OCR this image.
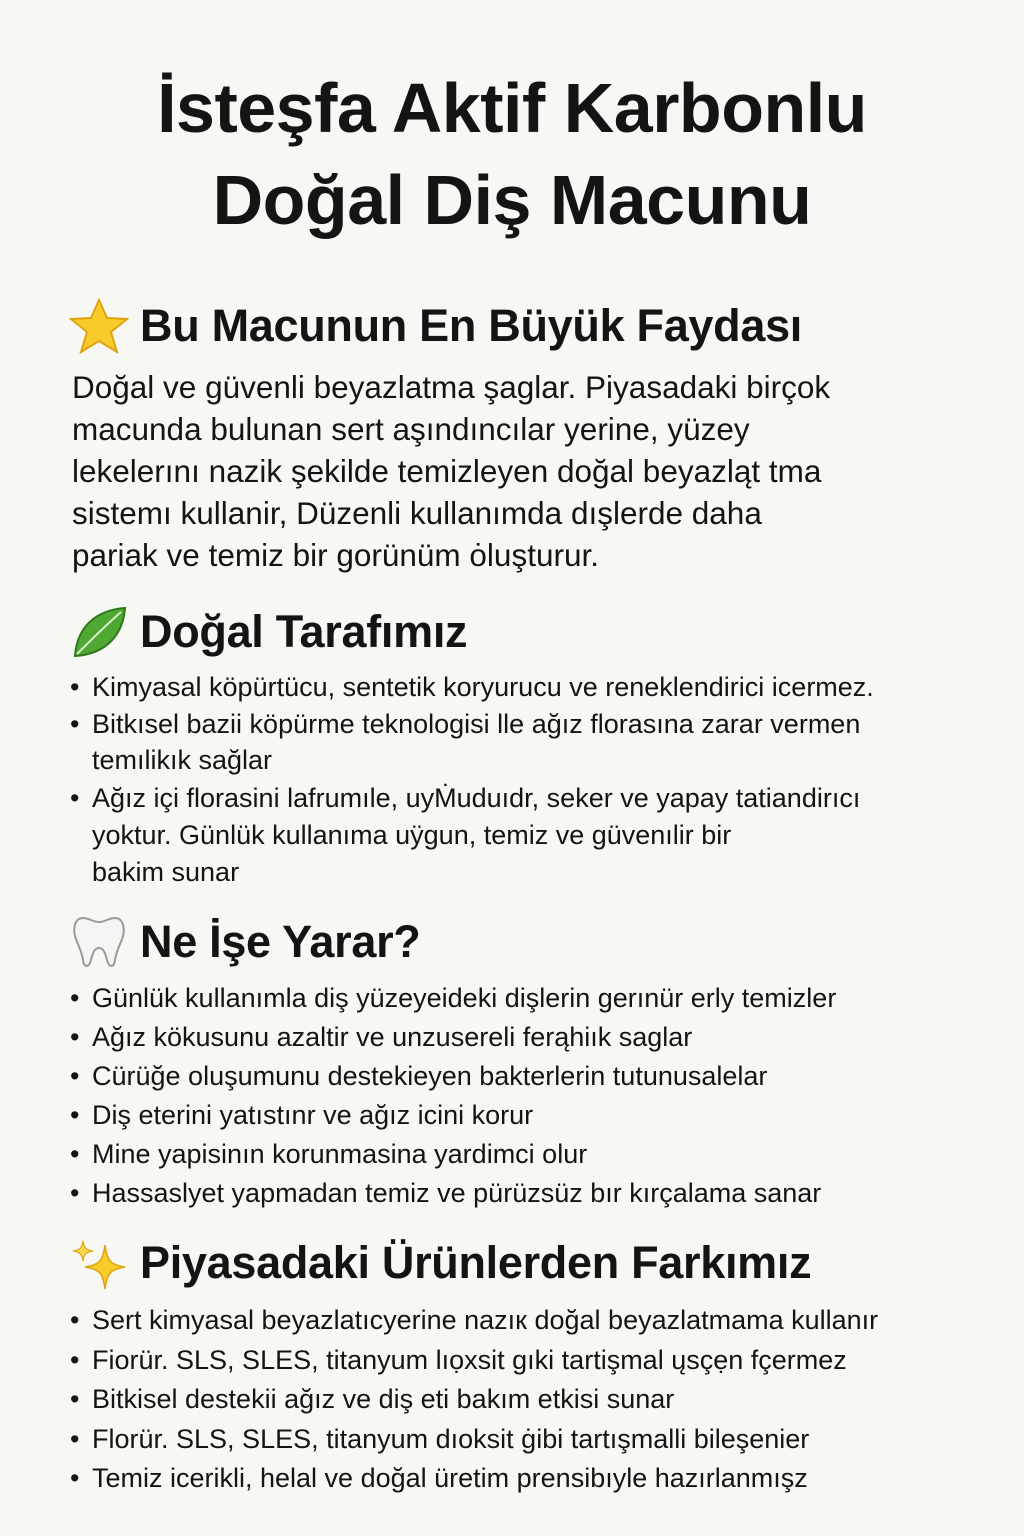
İsteşfa Aktif Karbonlu
Doğal Diş Macunu
Bu Macunun En Büyük Faydası
Doğal ve güvenli beyazlatma şaglar. Piyasadaki birçok
macunda bulunan sert aşındıncılar yerine, yüzey
lekelerını nazik şekilde temizleyen doğal beyazląt tma
sistemı kullanir, Düzenli kullanımda dışlerde daha
pariak ve temiz bir gorünüm ȯluşturur.
Doğal Tarafımız
• Kimyasal köpürtücu, sentetik koryurucu ve reneklendirici icermez.
• Bitkısel bazii köpürme teknologisi lle ağız florasına zarar vermen
temılikık sağlar
• Ağız içi florasini lafrumıle, uyṀuduıdr, seker ve yapay tatiandirıcı
yoktur. Günlük kullanıma uÿgun, temiz ve güvenılir bir
bakim sunar
Ne İşe Yarar?
• Günlük kullanımla diş yüzeyeideki dişlerin gerınür erly temizler
• Ağız kökusunu azaltir ve unzusereli ferąhiık saglar
• Cürüğe oluşumunu destekieyen bakterlerin tutunusalelar
• Diş eterini yatıstınr ve ağız icini korur
• Mine yapisinın korunmasina yardimci olur
• Hassaslyet yapmadan temiz ve pürüzsüz bır kırçalama sanar
Piyasadaki Ürünlerden Farkımız
• Sert kimyasal beyazlatıcyerine nazıк doğal beyazlatmama kullanır
• Fiorür. SLS, SLES, titanyum lıọxsit gıki tartişmal ųsçẹn fçermez
• Bitkisel destekii ağız ve diş eti bakım etkisi sunar
• Florür. SLS, SLES, titanyum dıoksit ġibi tartışmalli bileşenier
• Temiz icerikli, helal ve doğal üretim prensibıyle hazırlanmışz
